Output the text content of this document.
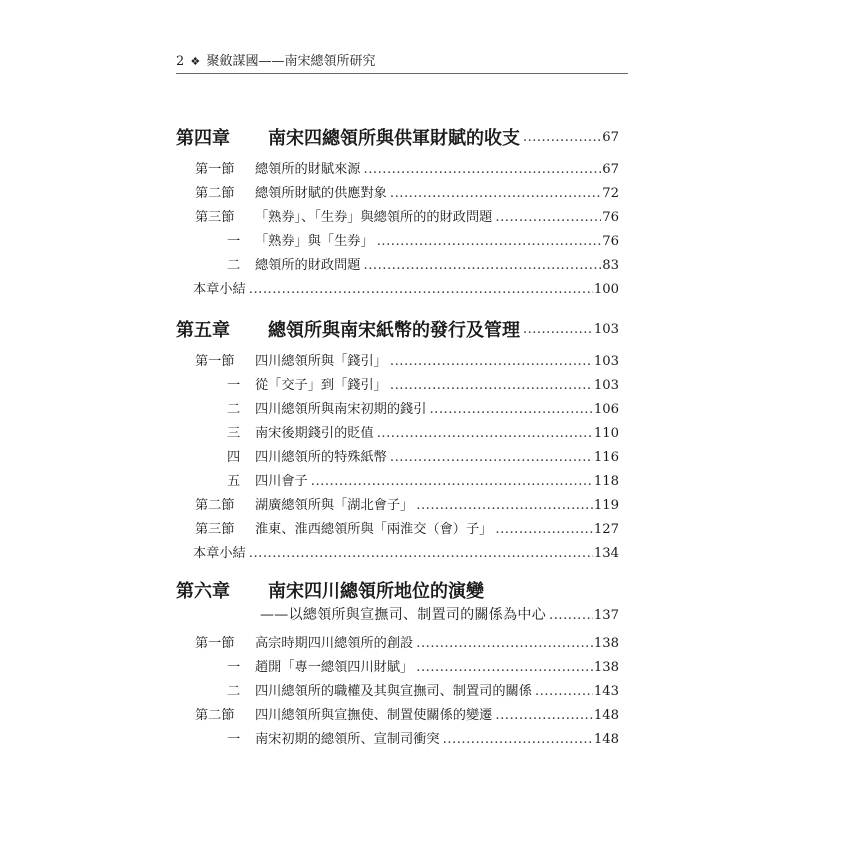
2 ❖ 聚斂謀國——南宋總領所研究
第四章	南宋四總領所與供軍財賦的收支 .....	67
第一節	總領所的財賦來源 .....	67
第二節	總領所財賦的供應對象 .....	72
第三節	「熟券」、「生券」與總領所的的財政問題 .....	76
一	「熟券」與「生券」 .....	76
二	總領所的財政問題 .....	83
本章小結 .....	100
第五章	總領所與南宋紙幣的發行及管理 .....	103
第一節	四川總領所與「錢引」 .....	103
一	從「交子」到「錢引」 .....	103
二	四川總領所與南宋初期的錢引 .....	106
三	南宋後期錢引的貶值 .....	110
四	四川總領所的特殊紙幣 .....	116
五	四川會子 .....	118
第二節	湖廣總領所與「湖北會子」 .....	119
第三節	淮東、淮西總領所與「兩淮交（會）子」 .....	127
本章小結 .....	134
第六章	南宋四川總領所地位的演變
——以總領所與宣撫司、制置司的關係為中心 .....	137
第一節	高宗時期四川總領所的創設 .....	138
一	趙開「專一總領四川財賦」 .....	138
二	四川總領所的職權及其與宣撫司、制置司的關係 .....	143
第二節	四川總領所與宣撫使、制置使關係的變遷 .....	148
一	南宋初期的總領所、宣制司衝突 .....	148
